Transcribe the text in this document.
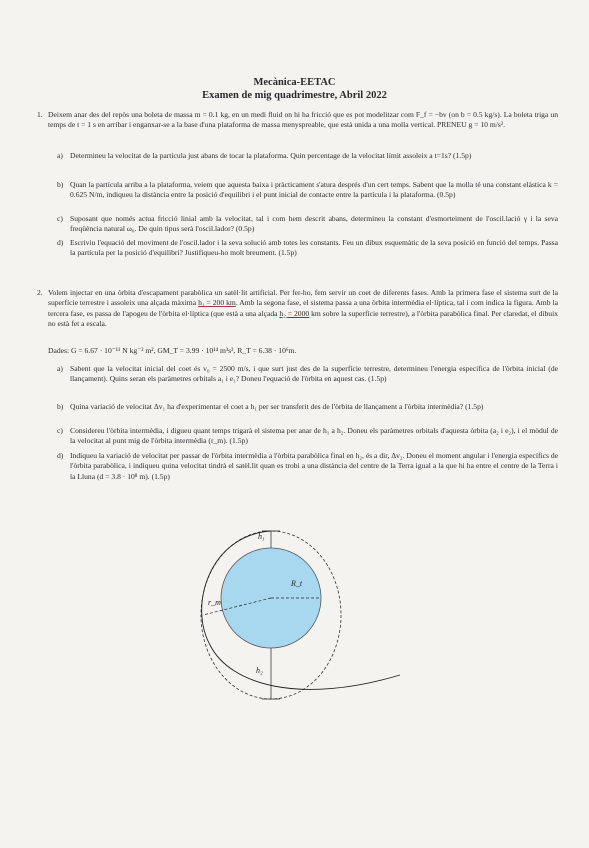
Mecànica-EETAC
Examen de mig quadrimestre, Abril 2022
1. Deixem anar des del repòs una boleta de massa m = 0.1 kg, en un medi fluid on hi ha fricció que es pot modelitzar com F_f = −bv (on b = 0.5 kg/s). La boleta triga un temps de t = 1 s en arribar i enganxar-se a la base d'una plataforma de massa menyspreable, que està unida a una molla vertical. PRENEU g = 10 m/s².
a) Determineu la velocitat de la partícula just abans de tocar la plataforma. Quin percentage de la velocitat límit assoleix a t=1s? (1.5p)
b) Quan la partícula arriba a la plataforma, veiem que aquesta baixa i pràcticament s'atura després d'un cert temps. Sabent que la molla té una constant elàstica k = 0.625 N/m, indiqueu la distància entre la posició d'equilibri i el punt inicial de contacte entre la partícula i la plataforma. (0.5p)
c) Suposant que només actua fricció linial amb la velocitat, tal i com hem descrit abans, determineu la constant d'esmorteiment de l'oscil.lació γ i la seva freqüència natural ω₀. De quin tipus serà l'oscil.lador? (0.5p)
d) Escriviu l'equació del moviment de l'oscil.lador i la seva solució amb totes les constants. Feu un dibux esquemàtic de la seva posició en funció del temps. Passa la partícula per la posició d'equilibri? Justifiqueu-ho molt breument. (1.5p)
2. Volem injectar en una òrbita d'escapament parabòlica un satèl·lit artificial. Per fer-ho, fem servir un coet de diferents fases. Amb la primera fase el sistema surt de la superfície terrestre i assoleix una alçada màxima h₁ = 200 km. Amb la segona fase, el sistema passa a una òrbita intermèdia el·líptica, tal i com indica la figura. Amb la tercera fase, es passa de l'apogeu de l'òrbita el·líptica (que està a una alçada h₂ = 2000 km sobre la superfície terrestre), a l'òrbita parabòlica final. Per claredat, el dibuix no està fet a escala.
Dades: G = 6.67 · 10⁻¹¹ N kg⁻² m², GM_T = 3.99 · 10¹⁴ m³s², R_T = 6.38 · 10⁶m.
a) Sabent que la velocitat inicial del coet és v₀ = 2500 m/s, i que surt just des de la superfície terrestre, determineu l'energia específica de l'òrbita inicial (de llançament). Quins seran els paràmetres orbitals a₁ i e₁? Doneu l'equació de l'òrbita en aquest cas. (1.5p)
b) Quina variació de velocitat Δv₁ ha d'experimentar el coet a h₁ per ser transferit des de l'òrbita de llançament a l'òrbita intermèdia? (1.5p)
c) Considereu l'òrbita intermèdia, i digueu quant temps trigarà el sistema per anar de h₁ a h₂. Doneu els paràmetres orbitals d'aquesta òrbita (a₂ i e₂), i el mòdul de la velocitat al punt mig de l'òrbita intermèdia (r_m). (1.5p)
d) Indiqueu la variació de velocitat per passar de l'òrbita intermèdia a l'òrbita parabòlica final en h₂, és a dir, Δv₂. Doneu el moment angular i l'energia específics de l'òrbita parabòlica, i indiqueu quina velocitat tindrà el satèl.lit quan es trobi a una distància del centre de la Terra igual a la que hi ha entre el centre de la Terra i la Lluna (d = 3.8 · 10⁸ m). (1.5p)
h₁
R_t
r_m
h₂
